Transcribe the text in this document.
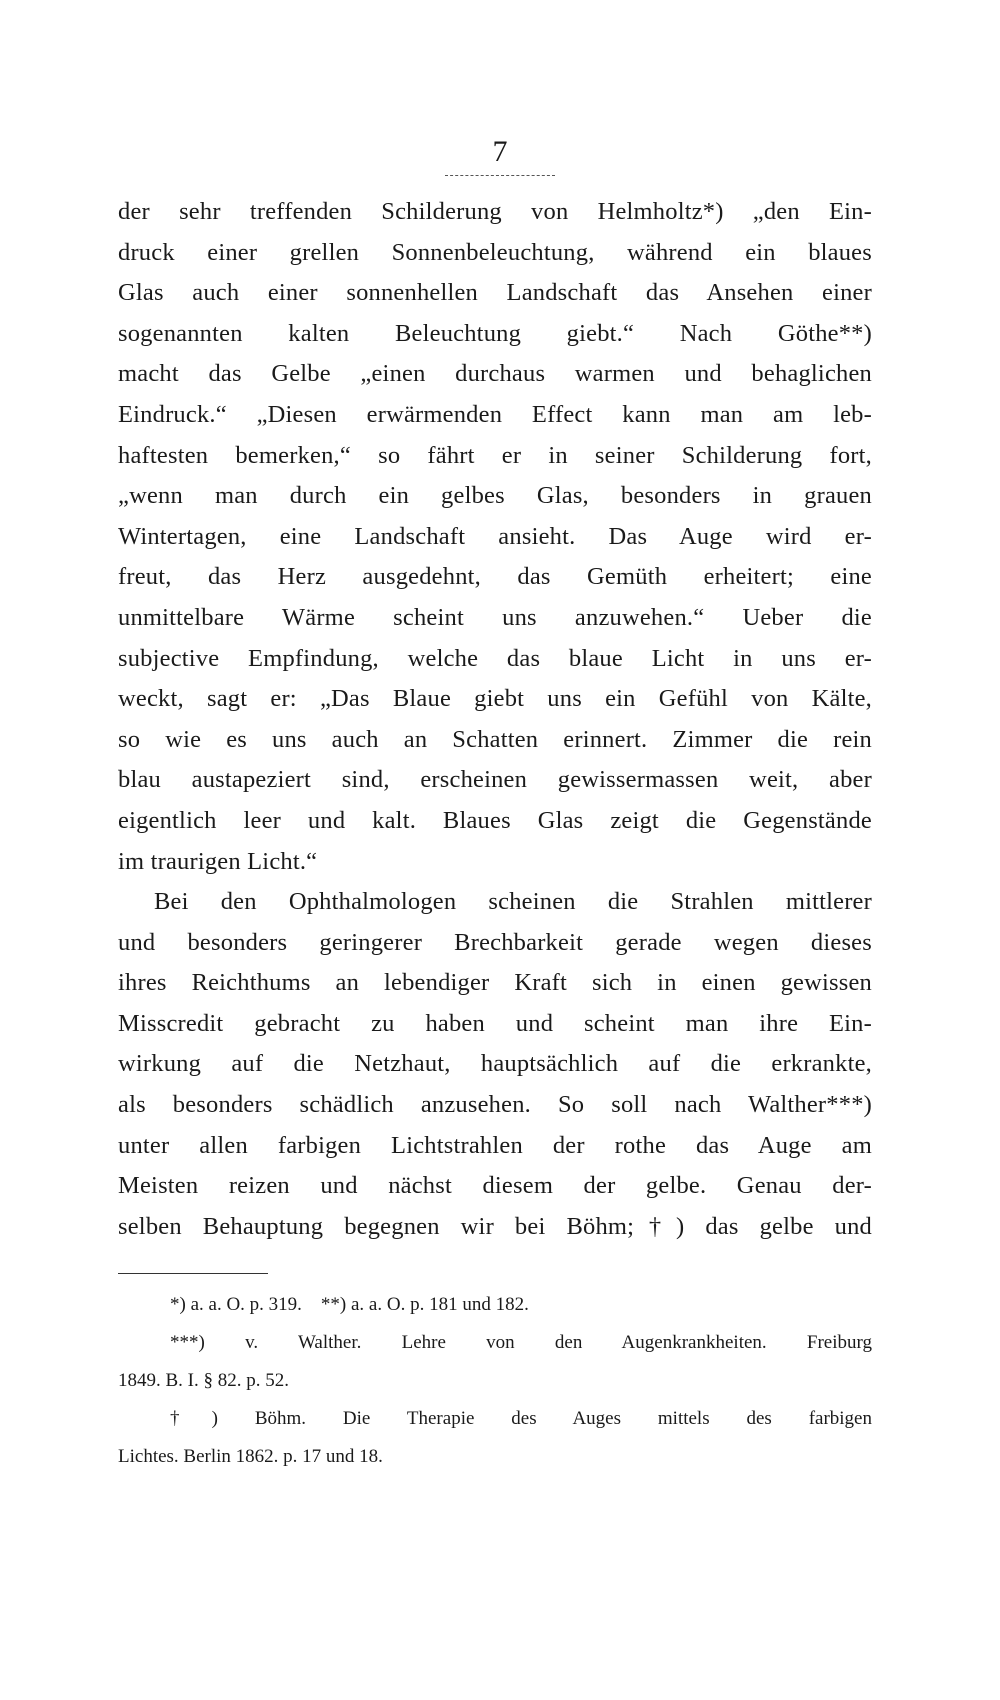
7
der sehr treffenden Schilderung von Helmholtz*) „den Ein-
druck einer grellen Sonnenbeleuchtung, während ein blaues
Glas auch einer sonnenhellen Landschaft das Ansehen einer
sogenannten kalten Beleuchtung giebt.“ Nach Göthe**)
macht das Gelbe „einen durchaus warmen und behaglichen
Eindruck.“ „Diesen erwärmenden Effect kann man am leb-
haftesten bemerken,“ so fährt er in seiner Schilderung fort,
„wenn man durch ein gelbes Glas, besonders in grauen
Wintertagen, eine Landschaft ansieht. Das Auge wird er-
freut, das Herz ausgedehnt, das Gemüth erheitert; eine
unmittelbare Wärme scheint uns anzuwehen.“ Ueber die
subjective Empfindung, welche das blaue Licht in uns er-
weckt, sagt er: „Das Blaue giebt uns ein Gefühl von Kälte,
so wie es uns auch an Schatten erinnert. Zimmer die rein
blau austapeziert sind, erscheinen gewissermassen weit, aber
eigentlich leer und kalt. Blaues Glas zeigt die Gegenstände
im traurigen Licht.“
Bei den Ophthalmologen scheinen die Strahlen mittlerer
und besonders geringerer Brechbarkeit gerade wegen dieses
ihres Reichthums an lebendiger Kraft sich in einen gewissen
Misscredit gebracht zu haben und scheint man ihre Ein-
wirkung auf die Netzhaut, hauptsächlich auf die erkrankte,
als besonders schädlich anzusehen. So soll nach Walther***)
unter allen farbigen Lichtstrahlen der rothe das Auge am
Meisten reizen und nächst diesem der gelbe. Genau der-
selben Behauptung begegnen wir bei Böhm;†) das gelbe und
*) a. a. O. p. 319.    **) a. a. O. p. 181 und 182.
***) v. Walther. Lehre von den Augenkrankheiten. Freiburg
1849. B. I. § 82. p. 52.
†) Böhm. Die Therapie des Auges mittels des farbigen
Lichtes. Berlin 1862. p. 17 und 18.
